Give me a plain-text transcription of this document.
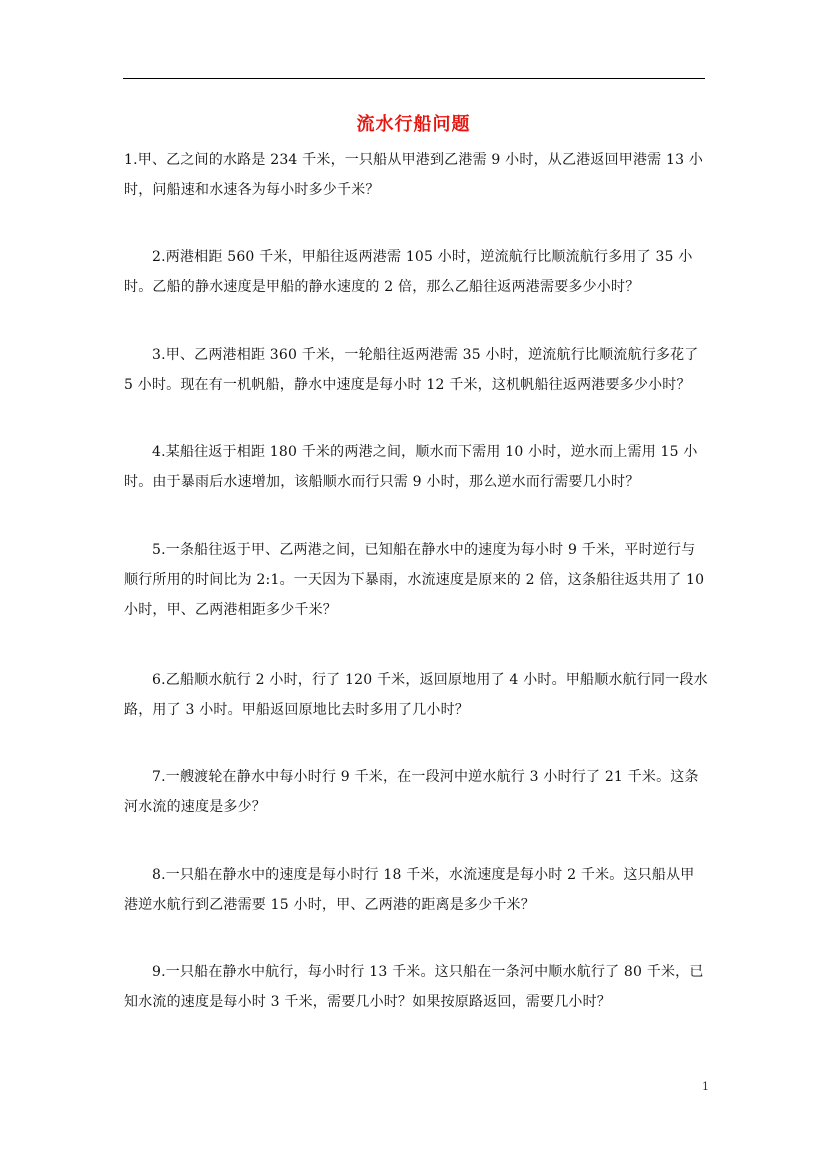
流水行船问题

1.甲、乙之间的水路是 234 千米，一只船从甲港到乙港需 9 小时，从乙港返回甲港需 13 小时，问船速和水速各为每小时多少千米？

2.两港相距 560 千米，甲船往返两港需 105 小时，逆流航行比顺流航行多用了 35 小时。乙船的静水速度是甲船的静水速度的 2 倍，那么乙船往返两港需要多少小时？

3.甲、乙两港相距 360 千米，一轮船往返两港需 35 小时，逆流航行比顺流航行多花了 5 小时。现在有一机帆船，静水中速度是每小时 12 千米，这机帆船往返两港要多少小时？

4.某船往返于相距 180 千米的两港之间，顺水而下需用 10 小时，逆水而上需用 15 小时。由于暴雨后水速增加，该船顺水而行只需 9 小时，那么逆水而行需要几小时？

5.一条船往返于甲、乙两港之间，已知船在静水中的速度为每小时 9 千米，平时逆行与顺行所用的时间比为 2:1。一天因为下暴雨，水流速度是原来的 2 倍，这条船往返共用了 10 小时，甲、乙两港相距多少千米？

6.乙船顺水航行 2 小时，行了 120 千米，返回原地用了 4 小时。甲船顺水航行同一段水路，用了 3 小时。甲船返回原地比去时多用了几小时？

7.一艘渡轮在静水中每小时行 9 千米，在一段河中逆水航行 3 小时行了 21 千米。这条河水流的速度是多少？

8.一只船在静水中的速度是每小时行 18 千米，水流速度是每小时 2 千米。这只船从甲港逆水航行到乙港需要 15 小时，甲、乙两港的距离是多少千米？

9.一只船在静水中航行，每小时行 13 千米。这只船在一条河中顺水航行了 80 千米，已知水流的速度是每小时 3 千米，需要几小时？如果按原路返回，需要几小时？

1
